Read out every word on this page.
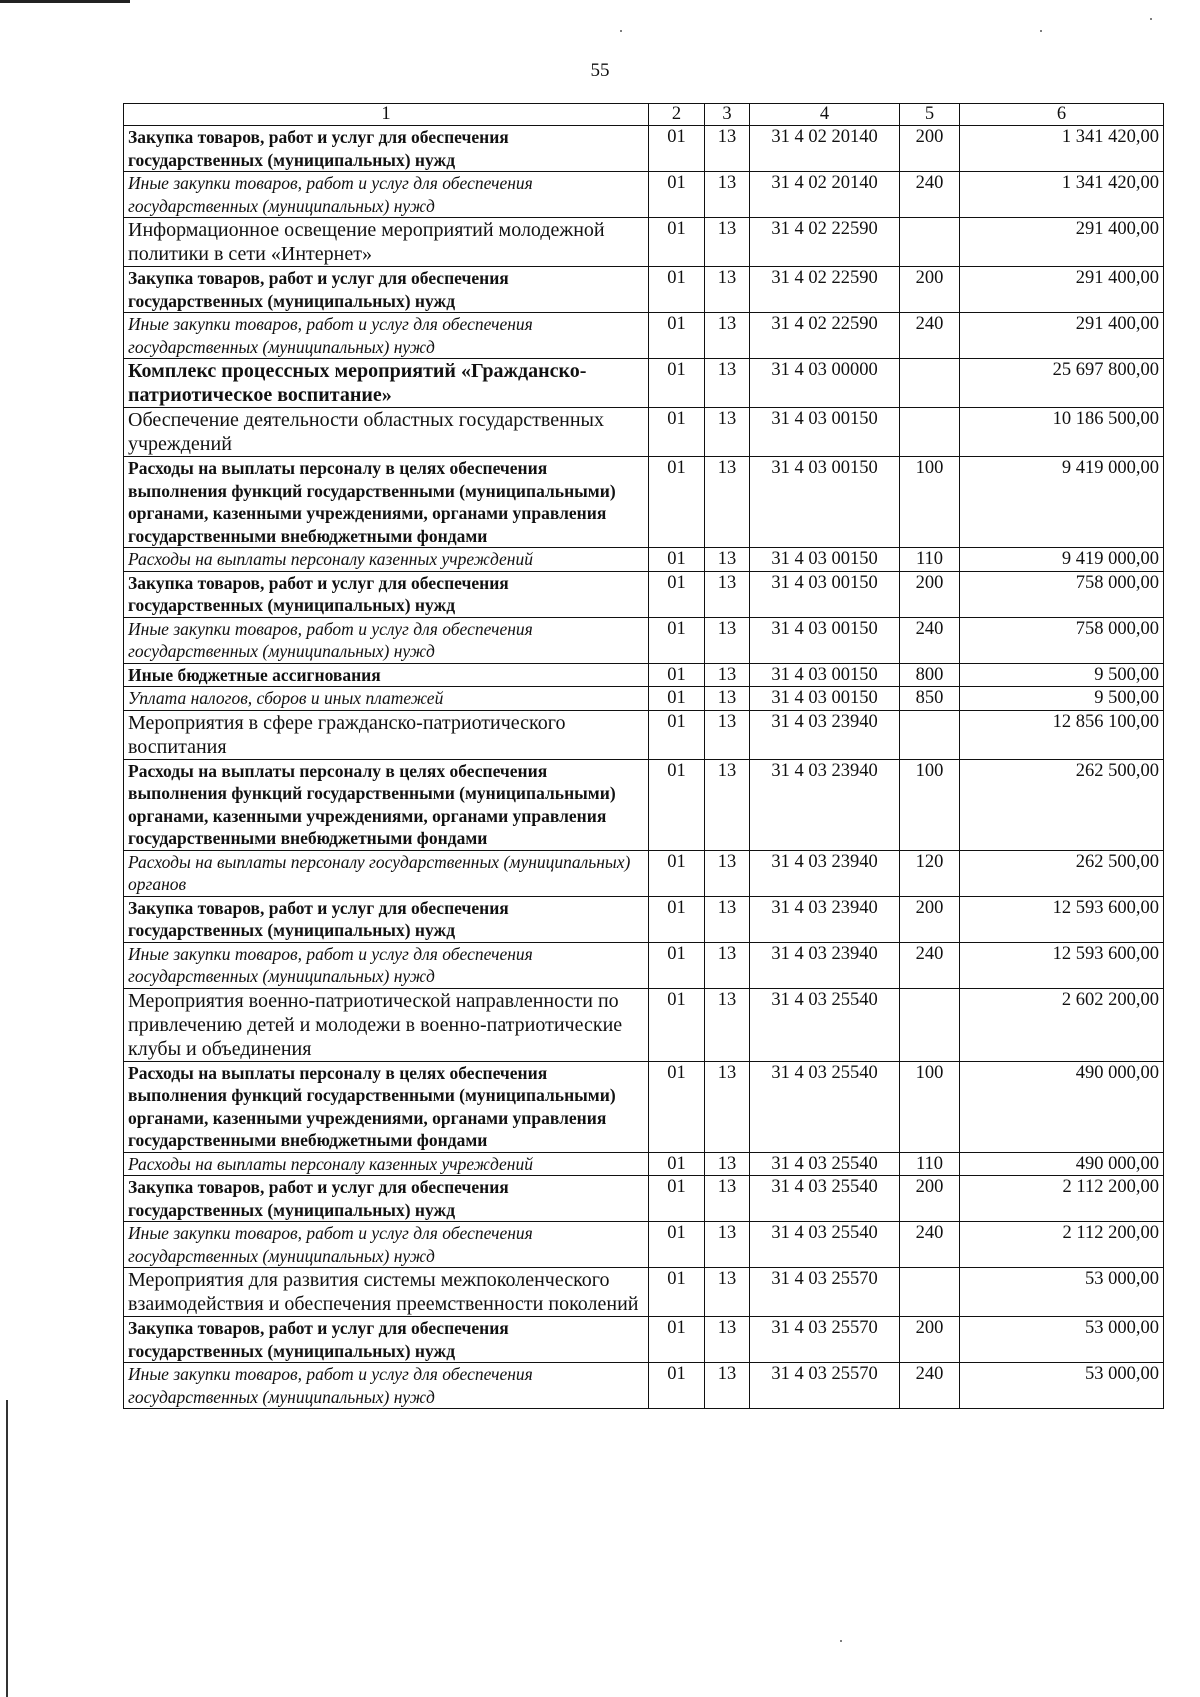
55
1	2	3	4	5	6
Закупка товаров, работ и услуг для обеспечения государственных (муниципальных) нужд	01	13	31 4 02 20140	200	1 341 420,00
Иные закупки товаров, работ и услуг для обеспечения государственных (муниципальных) нужд	01	13	31 4 02 20140	240	1 341 420,00
Информационное освещение мероприятий молодежной политики в сети «Интернет»	01	13	31 4 02 22590		291 400,00
Закупка товаров, работ и услуг для обеспечения государственных (муниципальных) нужд	01	13	31 4 02 22590	200	291 400,00
Иные закупки товаров, работ и услуг для обеспечения государственных (муниципальных) нужд	01	13	31 4 02 22590	240	291 400,00
Комплекс процессных мероприятий «Гражданско-патриотическое воспитание»	01	13	31 4 03 00000		25 697 800,00
Обеспечение деятельности областных государственных учреждений	01	13	31 4 03 00150		10 186 500,00
Расходы на выплаты персоналу в целях обеспечения выполнения функций государственными (муниципальными) органами, казенными учреждениями, органами управления государственными внебюджетными фондами	01	13	31 4 03 00150	100	9 419 000,00
Расходы на выплаты персоналу казенных учреждений	01	13	31 4 03 00150	110	9 419 000,00
Закупка товаров, работ и услуг для обеспечения государственных (муниципальных) нужд	01	13	31 4 03 00150	200	758 000,00
Иные закупки товаров, работ и услуг для обеспечения государственных (муниципальных) нужд	01	13	31 4 03 00150	240	758 000,00
Иные бюджетные ассигнования	01	13	31 4 03 00150	800	9 500,00
Уплата налогов, сборов и иных платежей	01	13	31 4 03 00150	850	9 500,00
Мероприятия в сфере гражданско-патриотического воспитания	01	13	31 4 03 23940		12 856 100,00
Расходы на выплаты персоналу в целях обеспечения выполнения функций государственными (муниципальными) органами, казенными учреждениями, органами управления государственными внебюджетными фондами	01	13	31 4 03 23940	100	262 500,00
Расходы на выплаты персоналу государственных (муниципальных) органов	01	13	31 4 03 23940	120	262 500,00
Закупка товаров, работ и услуг для обеспечения государственных (муниципальных) нужд	01	13	31 4 03 23940	200	12 593 600,00
Иные закупки товаров, работ и услуг для обеспечения государственных (муниципальных) нужд	01	13	31 4 03 23940	240	12 593 600,00
Мероприятия военно-патриотической направленности по привлечению детей и молодежи в военно-патриотические клубы и объединения	01	13	31 4 03 25540		2 602 200,00
Расходы на выплаты персоналу в целях обеспечения выполнения функций государственными (муниципальными) органами, казенными учреждениями, органами управления государственными внебюджетными фондами	01	13	31 4 03 25540	100	490 000,00
Расходы на выплаты персоналу казенных учреждений	01	13	31 4 03 25540	110	490 000,00
Закупка товаров, работ и услуг для обеспечения государственных (муниципальных) нужд	01	13	31 4 03 25540	200	2 112 200,00
Иные закупки товаров, работ и услуг для обеспечения государственных (муниципальных) нужд	01	13	31 4 03 25540	240	2 112 200,00
Мероприятия для развития системы межпоколенческого взаимодействия и обеспечения преемственности поколений	01	13	31 4 03 25570		53 000,00
Закупка товаров, работ и услуг для обеспечения государственных (муниципальных) нужд	01	13	31 4 03 25570	200	53 000,00
Иные закупки товаров, работ и услуг для обеспечения государственных (муниципальных) нужд	01	13	31 4 03 25570	240	53 000,00
